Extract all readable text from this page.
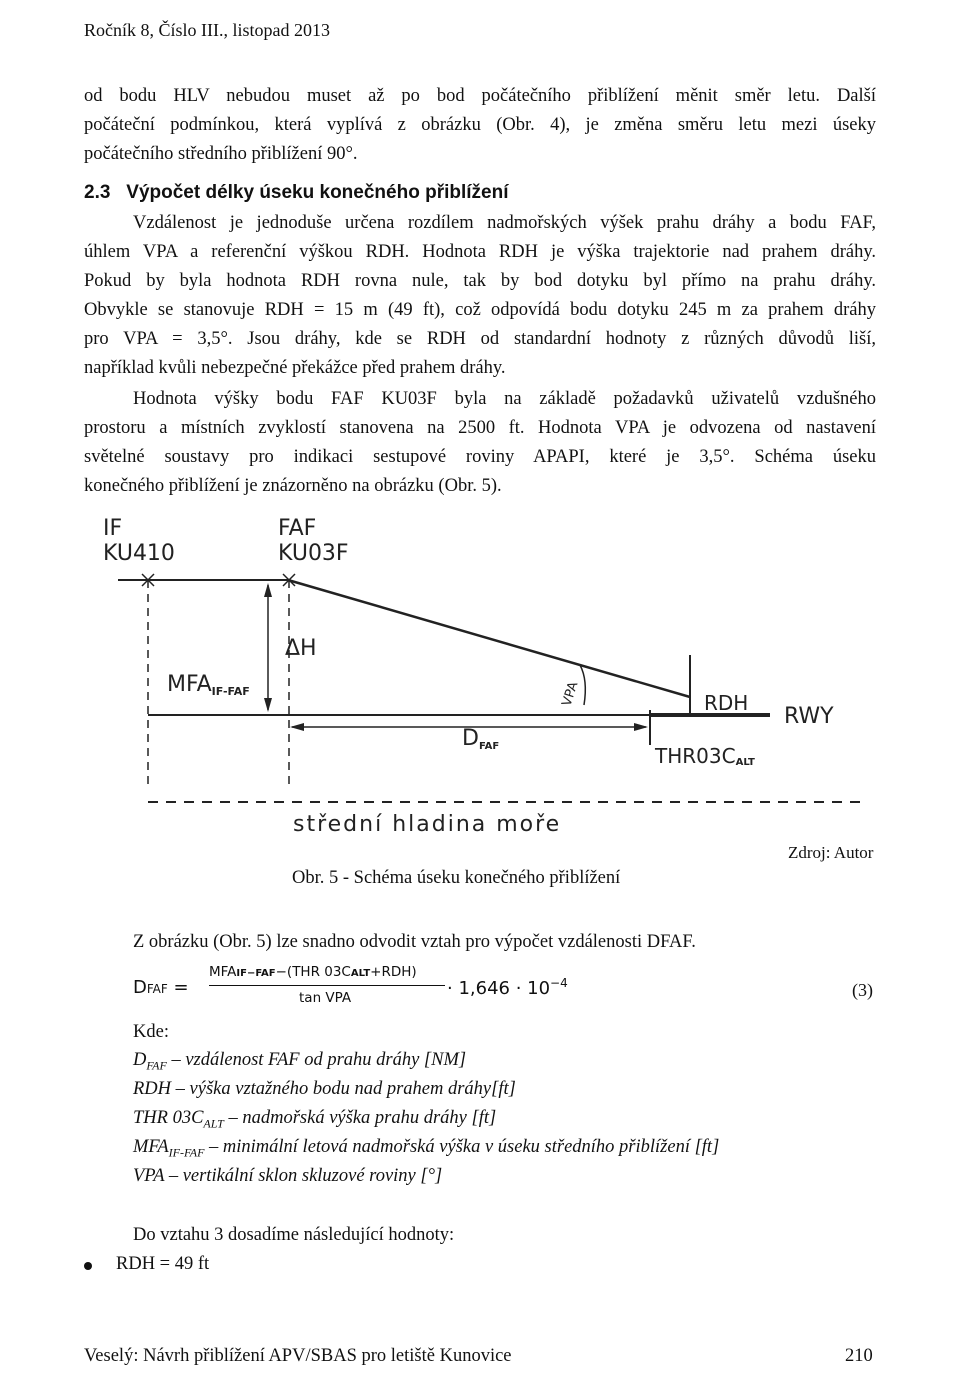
Ročník 8, Číslo III., listopad 2013
od bodu HLV nebudou muset až po bod počátečního přiblížení měnit směr letu. Další
počáteční podmínkou, která vyplívá z obrázku (Obr. 4), je změna směru letu mezi úseky
počátečního středního přiblížení 90°.
2.3 Výpočet délky úseku konečného přiblížení
Vzdálenost je jednoduše určena rozdílem nadmořských výšek prahu dráhy a bodu FAF,
úhlem VPA a referenční výškou RDH. Hodnota RDH je výška trajektorie nad prahem dráhy.
Pokud by byla hodnota RDH rovna nule, tak by bod dotyku byl přímo na prahu dráhy.
Obvykle se stanovuje RDH = 15 m (49 ft), což odpovídá bodu dotyku 245 m za prahem dráhy
pro VPA = 3,5°. Jsou dráhy, kde se RDH od standardní hodnoty z různých důvodů liší,
například kvůli nebezpečné překážce před prahem dráhy.
Hodnota výšky bodu FAF KU03F byla na základě požadavků uživatelů vzdušného
prostoru a místních zvyklostí stanovena na 2500 ft. Hodnota VPA je odvozena od nastavení
světelné soustavy pro indikaci sestupové roviny APAPI, které je 3,5°. Schéma úseku
konečného přiblížení je znázorněno na obrázku (Obr. 5).
IF
KU410
FAF
KU03F
ΔH
MFAIF-FAF	VPA
DFAF
RDH
RWY
THR03CALT
střední hladina moře
Zdroj: Autor
Obr. 5 - Schéma úseku konečného přiblížení
Z obrázku (Obr. 5) lze snadno odvodit vztah pro výpočet vzdálenosti DFAF.
DFAF =
MFAIF−FAF−(THR 03CALT+RDH)
tan VPA	· $1,646 \cdot 10^{-4}$	(3)
Kde:
$D_{FAF}$ – vzdálenost FAF od prahu dráhy [NM]
RDH – výška vztažného bodu nad prahem dráhy[ft]
THR $03C_{ALT}$ – nadmořská výška prahu dráhy [ft]
$MFA_{IF-FAF}$ – minimální letová nadmořská výška v úseku středního přiblížení [ft]
VPA – vertikální sklon skluzové roviny [°]
Do vztahu 3 dosadíme následující hodnoty:
RDH = 49 ft
Veselý: Návrh přiblížení APV/SBAS pro letiště Kunovice	210
